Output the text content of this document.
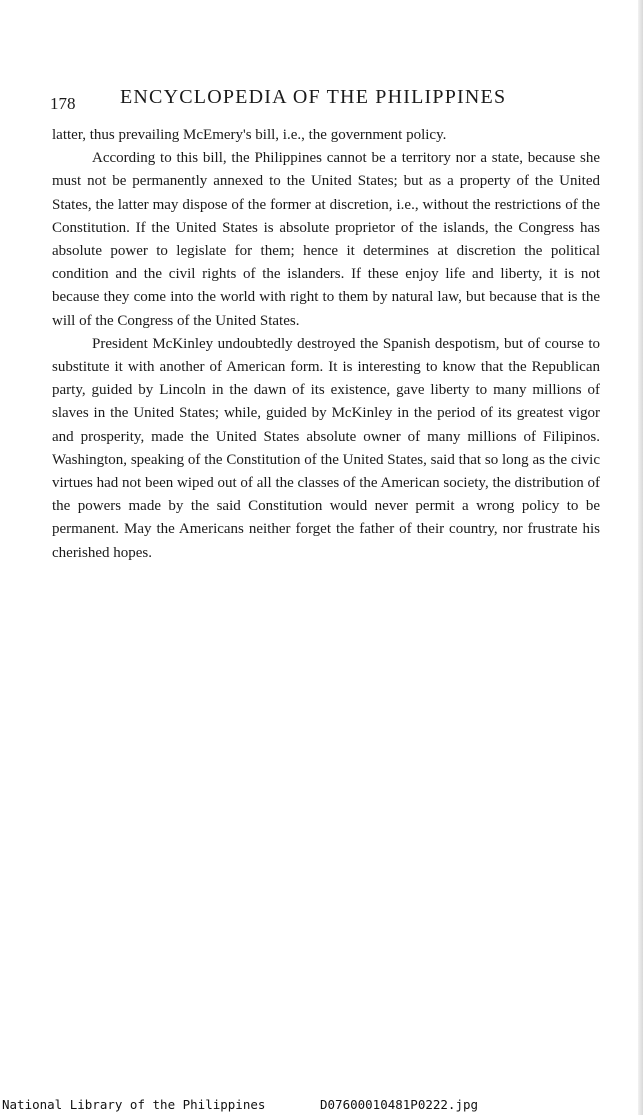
178 ENCYCLOPEDIA OF THE PHILIPPINES

latter, thus prevailing McEmery's bill, i.e., the government policy.

According to this bill, the Philippines cannot be a territory nor a state, because she must not be permanently annexed to the United States; but as a property of the United States, the latter may dispose of the former at discretion, i.e., without the restrictions of the Constitution. If the United States is absolute proprietor of the islands, the Congress has absolute power to legislate for them; hence it determines at discretion the political condition and the civil rights of the islanders. If these enjoy life and liberty, it is not because they come into the world with right to them by natural law, but because that is the will of the Congress of the United States.

President McKinley undoubtedly destroyed the Spanish despotism, but of course to substitute it with another of American form. It is interesting to know that the Republican party, guided by Lincoln in the dawn of its existence, gave liberty to many millions of slaves in the United States; while, guided by McKinley in the period of its greatest vigor and prosperity, made the United States absolute owner of many millions of Filipinos. Washington, speaking of the Constitution of the United States, said that so long as the civic virtues had not been wiped out of all the classes of the American society, the distribution of the powers made by the said Constitution would never permit a wrong policy to be permanent. May the Americans neither forget the father of their country, nor frustrate his cherished hopes.

National Library of the Philippines	D07600010481P0222.jpg
